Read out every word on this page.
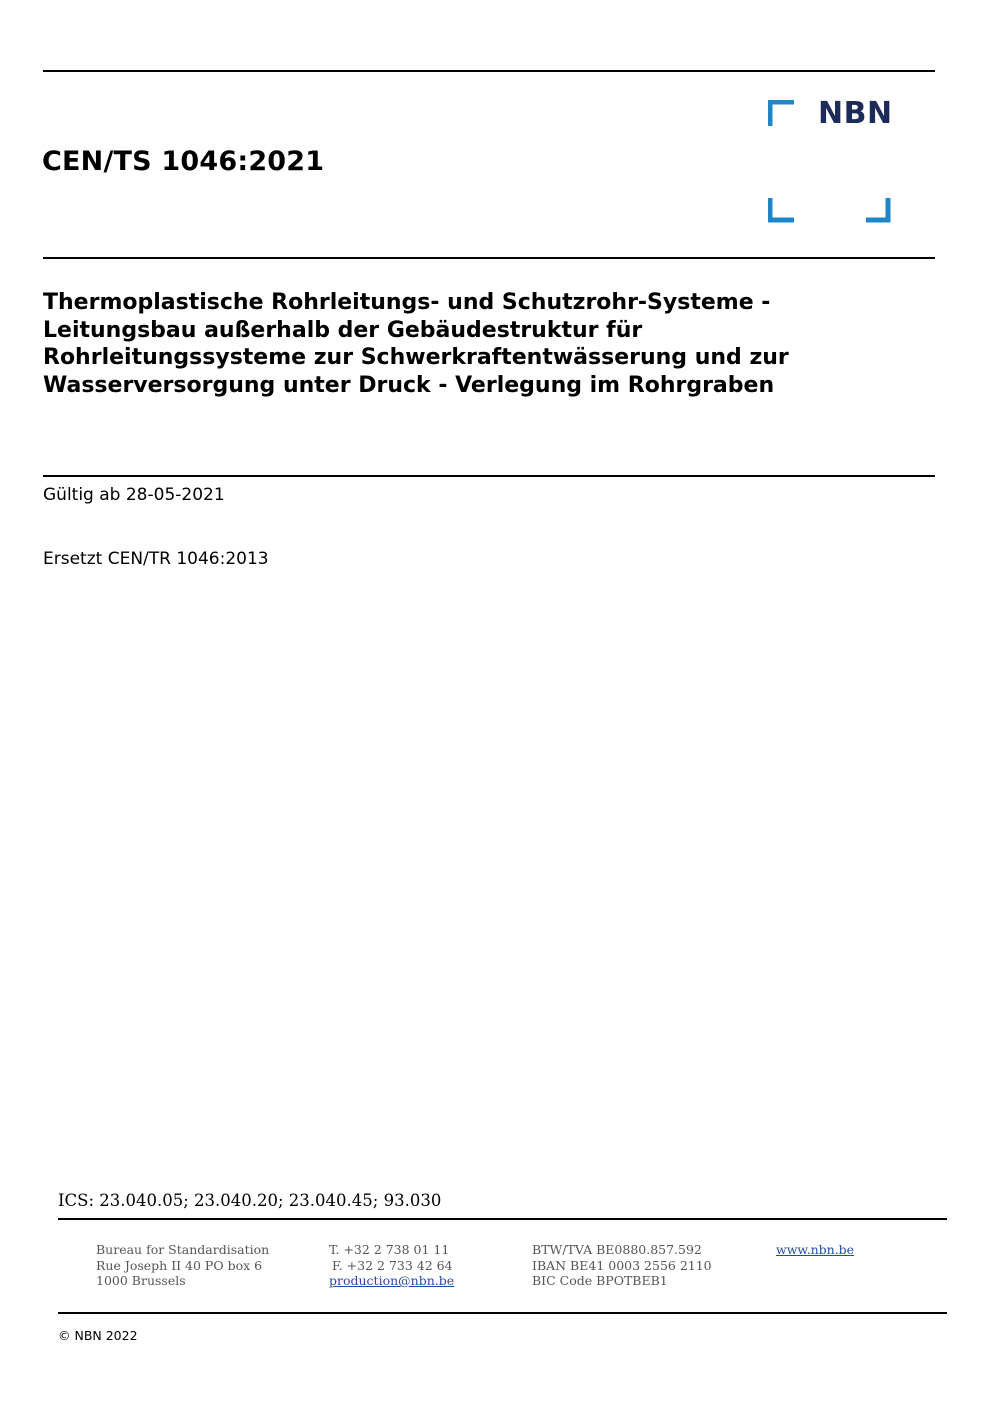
CEN/TS 1046:2021
NBN
Thermoplastische Rohrleitungs- und Schutzrohr-Systeme -
Leitungsbau außerhalb der Gebäudestruktur für
Rohrleitungssysteme zur Schwerkraftentwässerung und zur
Wasserversorgung unter Druck - Verlegung im Rohrgraben
Gültig ab 28-05-2021
Ersetzt CEN/TR 1046:2013
ICS: 23.040.05; 23.040.20; 23.040.45; 93.030
Bureau for Standardisation
Rue Joseph II 40 PO box 6
1000 Brussels
T. +32 2 738 01 11
F. +32 2 733 42 64
production@nbn.be
BTW/TVA BE0880.857.592
IBAN BE41 0003 2556 2110
BIC Code BPOTBEB1
www.nbn.be
© NBN 2022
